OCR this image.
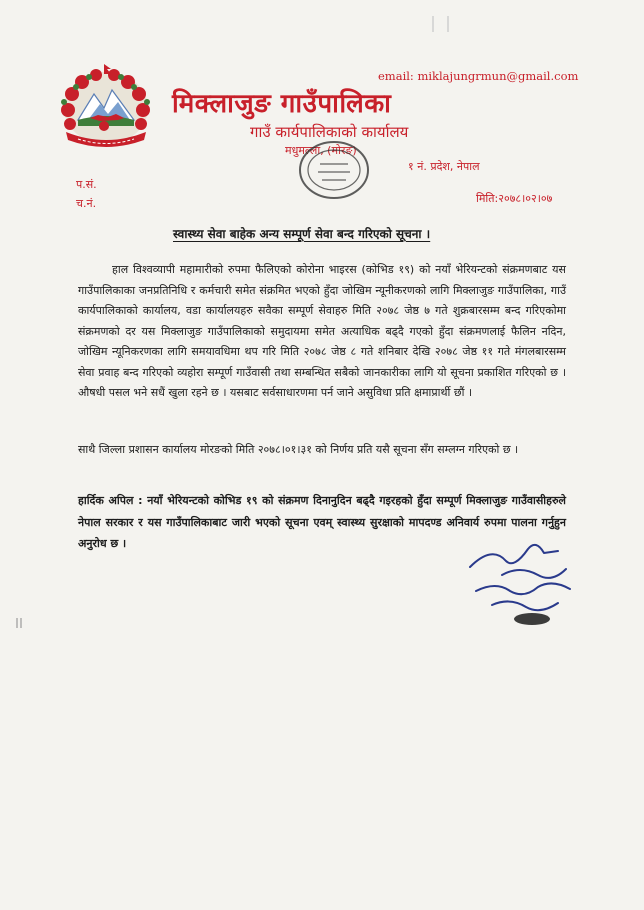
email: miklajungrmun@gmail.com
मिक्लाजुङ गाउँपालिका
गाउँ कार्यपालिकाको कार्यालय
मधुमल्ला, (मोरङ)
१ नं. प्रदेश, नेपाल
प.सं.
च.नं.	मिति:२०७८।०२।०७
स्वास्थ्य सेवा बाहेक अन्य सम्पूर्ण सेवा बन्द गरिएको सूचना ।

हाल विश्वव्यापी महामारीको रुपमा फैलिएको कोरोना भाइरस (कोभिड १९) को नयाँ भेरियन्टको संक्रमणबाट यस गाउँपालिकाका जनप्रतिनिधि र कर्मचारी समेत संक्रमित भएको हुँदा जोखिम न्यूनीकरणको लागि मिक्लाजुङ गाउँपालिका, गाउँ कार्यपालिकाको कार्यालय, वडा कार्यालयहरु सवैका सम्पूर्ण सेवाहरु मिति २०७८ जेष्ठ ७ गते शुक्रबारसम्म बन्द गरिएकोमा संक्रमणको दर यस मिक्लाजुङ गाउँपालिकाको समुदायमा समेत अत्याधिक बढ्दै गएको हुँदा संक्रमणलाई फैलिन नदिन, जोखिम न्यूनिकरणका लागि समयावधिमा थप गरि मिति २०७८ जेष्ठ ८ गते शनिबार देखि २०७८ जेष्ठ ११ गते मंगलबारसम्म सेवा प्रवाह बन्द गरिएको व्यहोरा सम्पूर्ण गाउँवासी तथा सम्बन्धित सबैको जानकारीका लागि यो सूचना प्रकाशित गरिएको छ । औषधी पसल भने सधैं खुला रहने छ । यसबाट सर्वसाधारणमा पर्न जाने असुविधा प्रति क्षमाप्रार्थी छौं ।

साथै जिल्ला प्रशासन कार्यालय मोरङको मिति २०७८।०१।३१ को निर्णय प्रति यसै सूचना सँग सम्लग्न गरिएको छ ।

हार्दिक अपिल : नयाँ भेरियन्टको कोभिड १९ को संक्रमण दिनानुदिन बढ्दै गइरहको हुँदा सम्पूर्ण मिक्लाजुङ गाउँवासीहरुले नेपाल सरकार र यस गाउँपालिकाबाट जारी भएको सूचना एवम् स्वास्थ्य सुरक्षाको मापदण्ड अनिवार्य रुपमा पालना गर्नुहुन अनुरोध छ ।
